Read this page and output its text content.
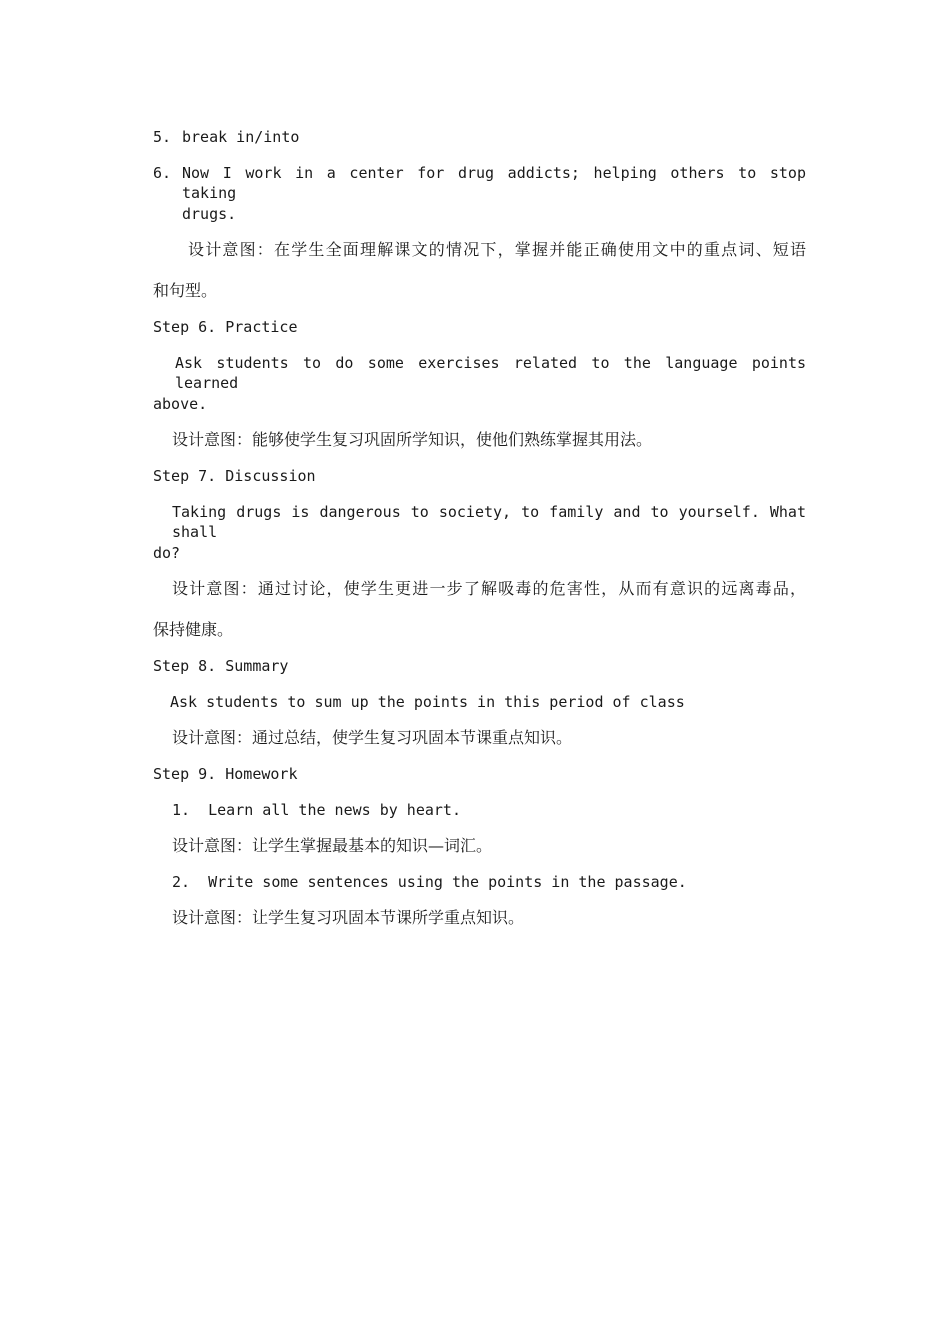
5. break in/into
6. Now I work in a center for drug addicts; helping others to stop taking
drugs.
设计意图：在学生全面理解课文的情况下，掌握并能正确使用文中的重点词、短语
和句型。
Step 6. Practice
Ask students to do some exercises related to the language points learned
above.
设计意图：能够使学生复习巩固所学知识，使他们熟练掌握其用法。
Step 7. Discussion
Taking drugs is dangerous to society, to family and to yourself. What shall
do?
设计意图：通过讨论，使学生更进一步了解吸毒的危害性，从而有意识的远离毒品，
保持健康。
Step 8. Summary
Ask students to sum up the points in this period of class
设计意图：通过总结，使学生复习巩固本节课重点知识。
Step 9. Homework
1.  Learn all the news by heart.
设计意图：让学生掌握最基本的知识—词汇。
2.  Write some sentences using the points in the passage.
设计意图：让学生复习巩固本节课所学重点知识。
